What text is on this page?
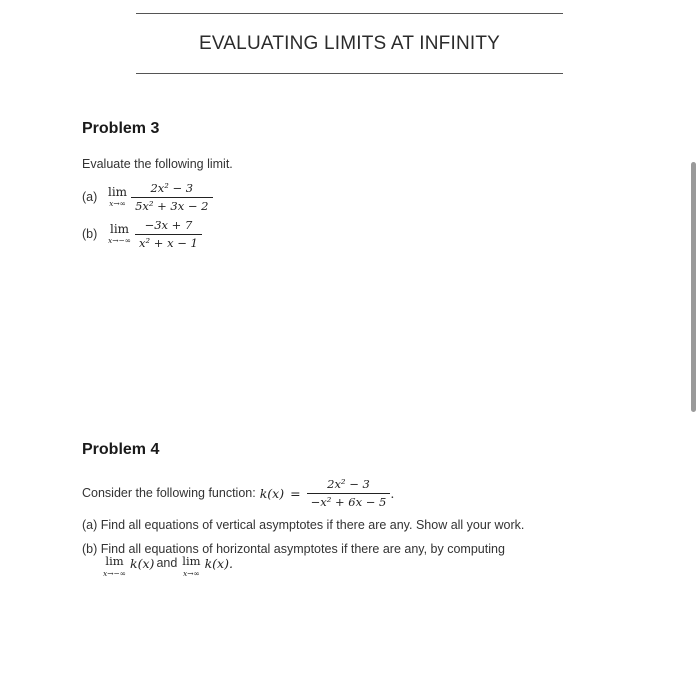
EVALUATING LIMITS AT INFINITY
Problem 3
Evaluate the following limit.
(a) lim
$x\to\infty \frac{\text{2x² − 3}}{\text{5x² + 3x − 2}}$
(b)	lim
$x\to-\infty \frac{-3x + 7}{\text{x² + x − 1}}$
Problem 4
Consider the following function: $k(x) = \frac{\text{2x² − 3}}{\text{−x² + 6x − 5}}$ .
(a) Find all equations of vertical asymptotes if there are any. Show all your work.
(b) Find all equations of horizontal asymptotes if there are any, by computing
lim
x→−∞
k(x) and lim
x→∞
k(x).
